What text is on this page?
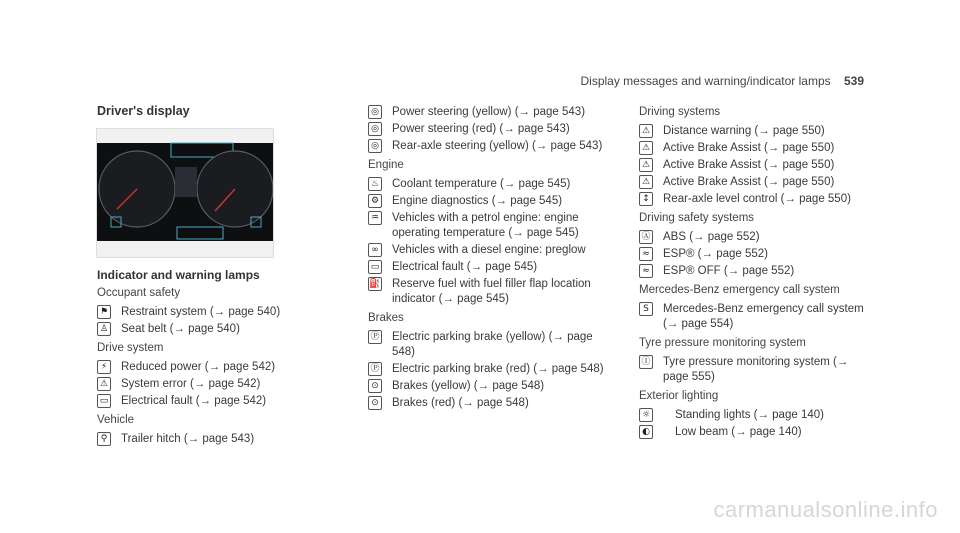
Display messages and warning/indicator lamps 539
Driver's display
Indicator and warning lamps
Occupant safety
⚑ Restraint system (→ page 540)
♙ Seat belt (→ page 540)
Drive system
⚡	Reduced power (→ page 542)
⚠ System error (→ page 542)
▭ Electrical fault (→ page 542)
Vehicle
⚲	Trailer hitch (→ page 543)
◎ Power steering (yellow) (→ page 543)
◎ Power steering (red) (→ page 543)
◎ Rear-axle steering (yellow) (→ page 543)
Engine
♨ Coolant temperature (→ page 545)
⚙ Engine diagnostics (→ page 545)
♒ Vehicles with a petrol engine: engine operating temperature (→ page 545)
∞ Vehicles with a diesel engine: preglow
▭ Electrical fault (→ page 545)
⛽ Reserve fuel with fuel filler flap location indicator (→ page 545)
Brakes
Ⓟ Electric parking brake (yellow) (→ page 548)
Ⓟ Electric parking brake (red) (→ page 548)
⊙ Brakes (yellow) (→ page 548)
⊙ Brakes (red) (→ page 548)
Driving systems
⚠ Distance warning (→ page 550)
⚠ Active Brake Assist (→ page 550)
⚠ Active Brake Assist (→ page 550)
⚠ Active Brake Assist (→ page 550)
↕ Rear-axle level control (→ page 550)
Driving safety systems
Ⓐ ABS (→ page 552)
≈ ESP® (→ page 552)
≈ ESP® OFF (→ page 552)
Mercedes-Benz emergency call system
S	Mercedes-Benz emergency call system (→ page 554)
Tyre pressure monitoring system
Ⓘ Tyre pressure monitoring system (→ page 555)
Exterior lighting
☼ Standing lights (→ page 140)
◐ Low beam (→ page 140)
carmanualsonline.info
